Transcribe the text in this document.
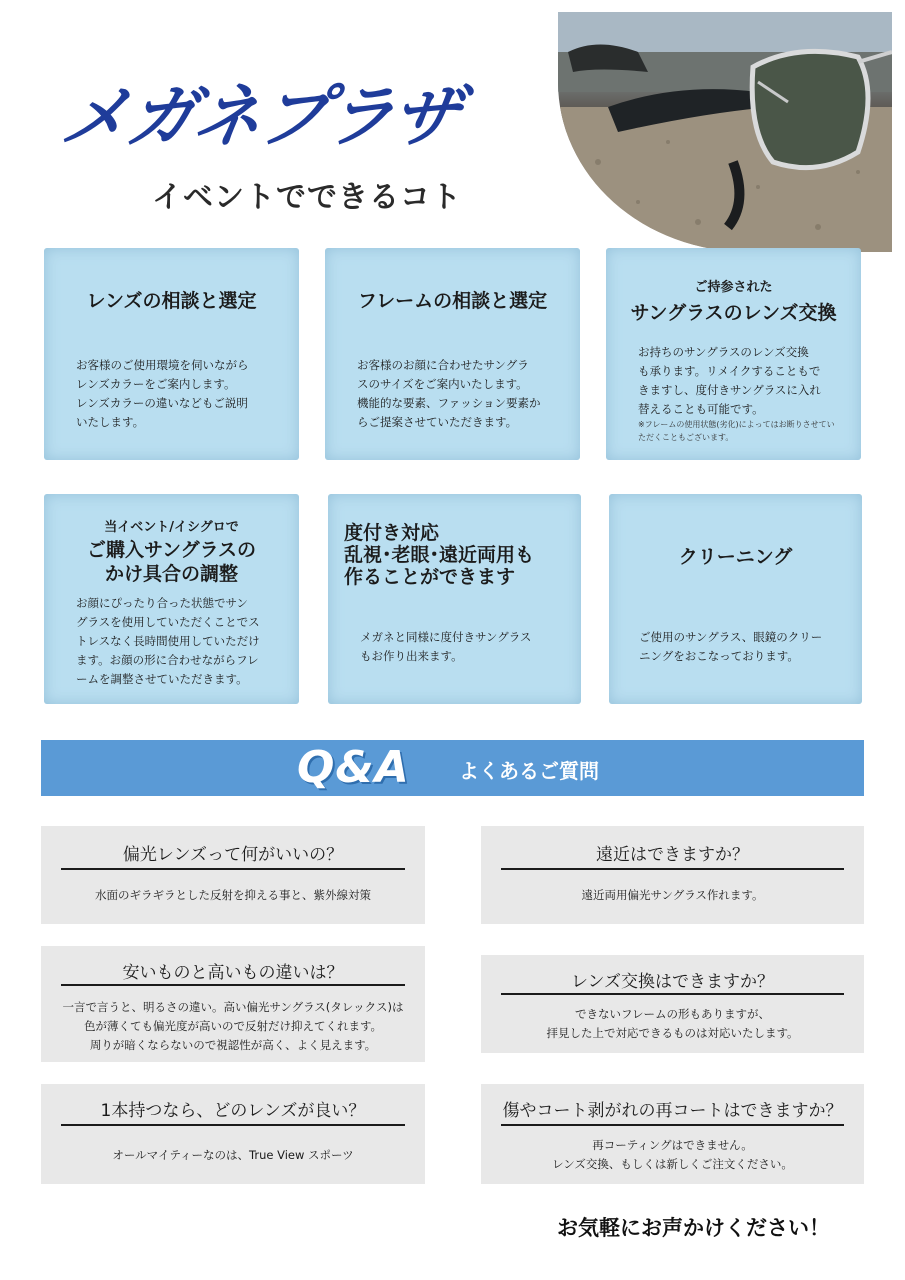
メガネプラザ
イベントでできるコト
レンズの相談と選定
お客様のご使用環境を伺いながら
レンズカラーをご案内します。
レンズカラーの違いなどもご説明
いたします。
フレームの相談と選定
お客様のお顔に合わせたサングラ
スのサイズをご案内いたします。
機能的な要素、ファッション要素か
らご提案させていただきます。
ご持参された
サングラスのレンズ交換
お持ちのサングラスのレンズ交換
も承ります。リメイクすることもで
きますし、度付きサングラスに入れ
替えることも可能です。
※フレームの使用状態(劣化)によってはお断りさせてい
ただくこともございます。
当イベント/イシグロで
ご購入サングラスの
かけ具合の調整
お顔にぴったり合った状態でサン
グラスを使用していただくことでス
トレスなく長時間使用していただけ
ます。お顔の形に合わせながらフレ
ームを調整させていただきます。
度付き対応
乱視･老眼･遠近両用も
作ることができます
メガネと同様に度付きサングラス
もお作り出来ます。
クリーニング
ご使用のサングラス、眼鏡のクリー
ニングをおこなっております。
Q&A よくあるご質問
偏光レンズって何がいいの？
水面のギラギラとした反射を抑える事と、紫外線対策
遠近はできますか？
遠近両用偏光サングラス作れます。
安いものと高いもの違いは？
一言で言うと、明るさの違い。高い偏光サングラス(タレックス)は
色が薄くても偏光度が高いので反射だけ抑えてくれます。
周りが暗くならないので視認性が高く、よく見えます。
レンズ交換はできますか？
できないフレームの形もありますが、
拝見した上で対応できるものは対応いたします。
1本持つなら、どのレンズが良い？
オールマイティーなのは、True View スポーツ
傷やコート剥がれの再コートはできますか？
再コーティングはできません。
レンズ交換、もしくは新しくご注文ください。
お気軽にお声かけください！
